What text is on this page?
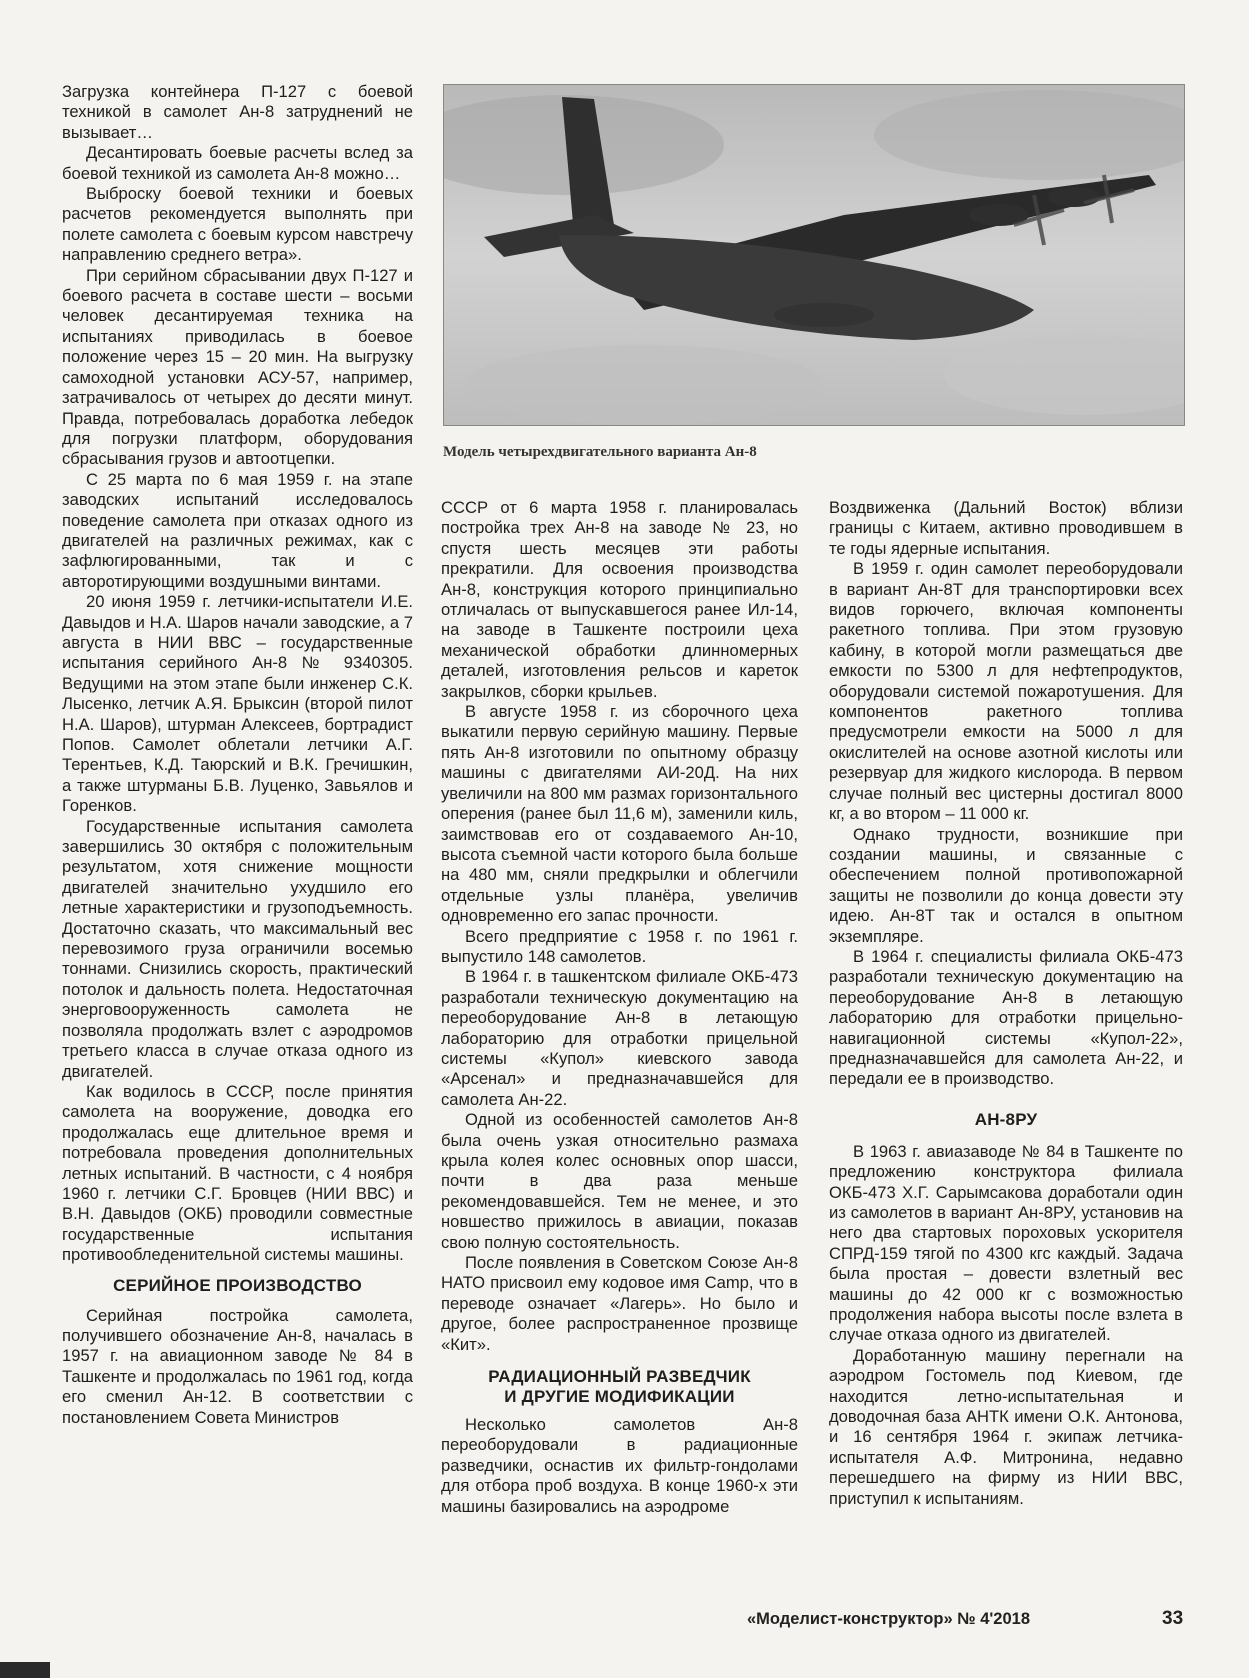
Загрузка контейнера П-127 с боевой техникой в самолет Ан-8 затруднений не вызывает…

Десантировать боевые расчеты вслед за боевой техникой из самолета Ан-8 можно…

Выброску боевой техники и боевых расчетов рекомендуется выполнять при полете самолета с боевым курсом навстречу направлению среднего ветра».

При серийном сбрасывании двух П-127 и боевого расчета в составе шести – восьми человек десантируемая техника на испытаниях приводилась в боевое положение через 15 – 20 мин. На выгрузку самоходной установки АСУ-57, например, затрачивалось от четырех до десяти минут. Правда, потребовалась доработка лебедок для погрузки платформ, оборудования сбрасывания грузов и автоотцепки.

С 25 марта по 6 мая 1959 г. на этапе заводских испытаний исследовалось поведение самолета при отказах одного из двигателей на различных режимах, как с зафлюгированными, так и с авторотирующими воздушными винтами.

20 июня 1959 г. летчики-испытатели И.Е. Давыдов и Н.А. Шаров начали заводские, а 7 августа в НИИ ВВС – государственные испытания серийного Ан-8 № 9340305. Ведущими на этом этапе были инженер С.К. Лысенко, летчик А.Я. Брыксин (второй пилот Н.А. Шаров), штурман Алексеев, бортрадист Попов. Самолет облетали летчики А.Г. Терентьев, К.Д. Таюрский и В.К. Гречишкин, а также штурманы Б.В. Луценко, Завьялов и Горенков.

Государственные испытания самолета завершились 30 октября с положительным результатом, хотя снижение мощности двигателей значительно ухудшило его летные характеристики и грузоподъемность. Достаточно сказать, что максимальный вес перевозимого груза ограничили восемью тоннами. Снизились скорость, практический потолок и дальность полета. Недостаточная энерговооруженность самолета не позволяла продолжать взлет с аэродромов третьего класса в случае отказа одного из двигателей.

Как водилось в СССР, после принятия самолета на вооружение, доводка его продолжалась еще длительное время и потребовала проведения дополнительных летных испытаний. В частности, с 4 ноября 1960 г. летчики С.Г. Бровцев (НИИ ВВС) и В.Н. Давыдов (ОКБ) проводили совместные государственные испытания противообледенительной системы машины.

СЕРИЙНОЕ ПРОИЗВОДСТВО

Серийная постройка самолета, получившего обозначение Ан-8, началась в 1957 г. на авиационном заводе № 84 в Ташкенте и продолжалась по 1961 год, когда его сменил Ан-12. В соответствии с постановлением Совета Министров

Модель четырехдвигательного варианта Ан-8

СССР от 6 марта 1958 г. планировалась постройка трех Ан-8 на заводе № 23, но спустя шесть месяцев эти работы прекратили. Для освоения производства Ан-8, конструкция которого принципиально отличалась от выпускавшегося ранее Ил-14, на заводе в Ташкенте построили цеха механической обработки длинномерных деталей, изготовления рельсов и кареток закрылков, сборки крыльев.

В августе 1958 г. из сборочного цеха выкатили первую серийную машину. Первые пять Ан-8 изготовили по опытному образцу машины с двигателями АИ-20Д. На них увеличили на 800 мм размах горизонтального оперения (ранее был 11,6 м), заменили киль, заимствовав его от создаваемого Ан-10, высота съемной части которого была больше на 480 мм, сняли предкрылки и облегчили отдельные узлы планёра, увеличив одновременно его запас прочности.

Всего предприятие с 1958 г. по 1961 г. выпустило 148 самолетов.

В 1964 г. в ташкентском филиале ОКБ-473 разработали техническую документацию на переоборудование Ан-8 в летающую лабораторию для отработки прицельной системы «Купол» киевского завода «Арсенал» и предназначавшейся для самолета Ан-22.

Одной из особенностей самолетов Ан-8 была очень узкая относительно размаха крыла колея колес основных опор шасси, почти в два раза меньше рекомендовавшейся. Тем не менее, и это новшество прижилось в авиации, показав свою полную состоятельность.

После появления в Советском Союзе Ан-8 НАТО присвоил ему кодовое имя Camp, что в переводе означает «Лагерь». Но было и другое, более распространенное прозвище «Кит».

РАДИАЦИОННЫЙ РАЗВЕДЧИК
И ДРУГИЕ МОДИФИКАЦИИ

Несколько самолетов Ан-8 переоборудовали в радиационные разведчики, оснастив их фильтр-гондолами для отбора проб воздуха. В конце 1960-х эти машины базировались на аэродроме

Воздвиженка (Дальний Восток) вблизи границы с Китаем, активно проводившем в те годы ядерные испытания.

В 1959 г. один самолет переоборудовали в вариант Ан-8Т для транспортировки всех видов горючего, включая компоненты ракетного топлива. При этом грузовую кабину, в которой могли размещаться две емкости по 5300 л для нефтепродуктов, оборудовали системой пожаротушения. Для компонентов ракетного топлива предусмотрели емкости на 5000 л для окислителей на основе азотной кислоты или резервуар для жидкого кислорода. В первом случае полный вес цистерны достигал 8000 кг, а во втором – 11 000 кг.

Однако трудности, возникшие при создании машины, и связанные с обеспечением полной противопожарной защиты не позволили до конца довести эту идею. Ан-8Т так и остался в опытном экземпляре.

В 1964 г. специалисты филиала ОКБ-473 разработали техническую документацию на переоборудование Ан-8 в летающую лабораторию для отработки прицельно-навигационной системы «Купол-22», предназначавшейся для самолета Ан-22, и передали ее в производство.

АН-8РУ

В 1963 г. авиазаводе № 84 в Ташкенте по предложению конструктора филиала ОКБ-473 Х.Г. Сарымсакова доработали один из самолетов в вариант Ан-8РУ, установив на него два стартовых пороховых ускорителя СПРД-159 тягой по 4300 кгс каждый. Задача была простая – довести взлетный вес машины до 42 000 кг с возможностью продолжения набора высоты после взлета в случае отказа одного из двигателей.

Доработанную машину перегнали на аэродром Гостомель под Киевом, где находится летно-испытательная и доводочная база АНТК имени О.К. Антонова, и 16 сентября 1964 г. экипаж летчика-испытателя А.Ф. Митронина, недавно перешедшего на фирму из НИИ ВВС, приступил к испытаниям.

«Моделист-конструктор» № 4'2018	33
